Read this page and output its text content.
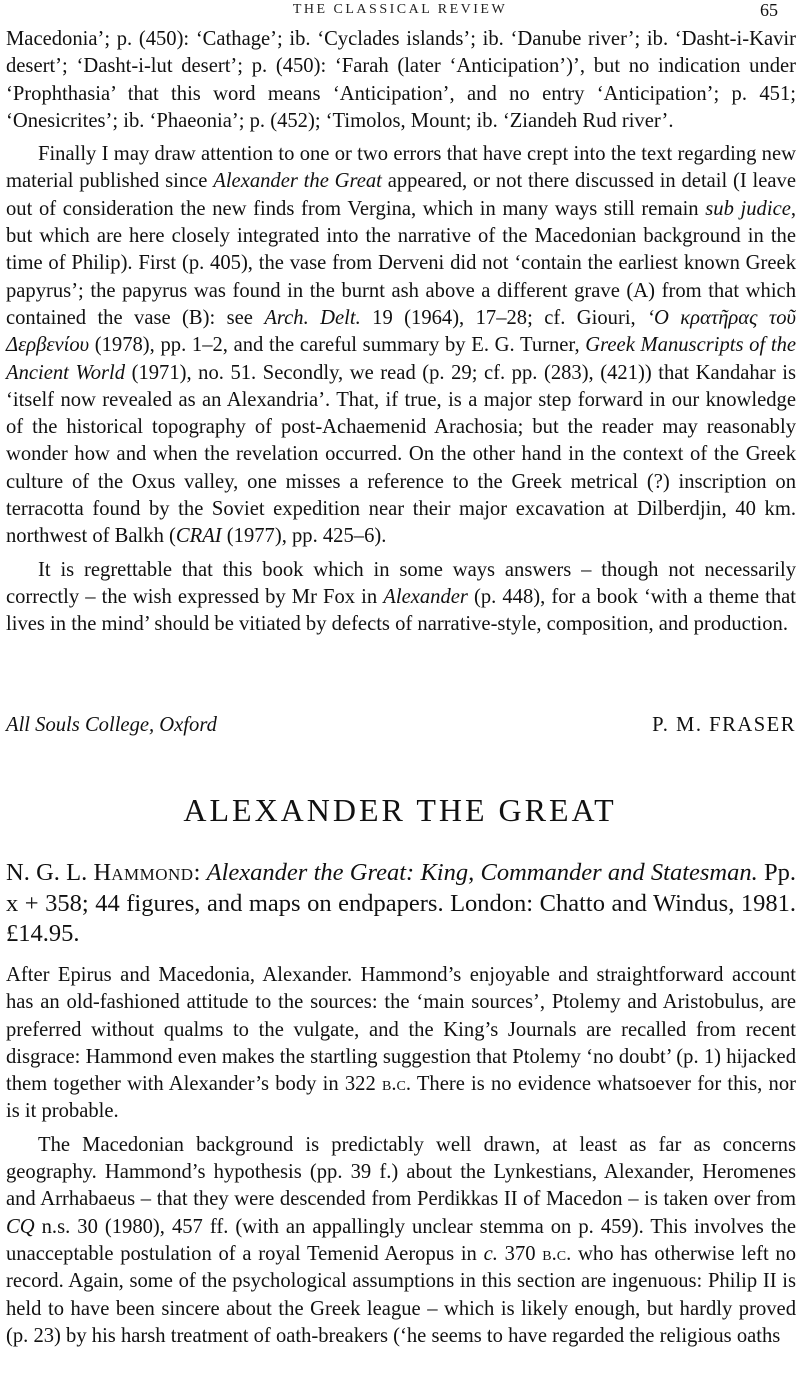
THE CLASSICAL REVIEW	65

Macedonia’; p. (450): ‘Cathage’; ib. ‘Cyclades islands’; ib. ‘Danube river’; ib. ‘Dasht-i-Kavir desert’; ‘Dasht-i-lut desert’; p. (450): ‘Farah (later ‘Anticipation’)’, but no indication under ‘Prophthasia’ that this word means ‘Anticipation’, and no entry ‘Anticipation’; p. 451; ‘Onesicrites’; ib. ‘Phaeonia’; p. (452); ‘Timolos, Mount; ib. ‘Ziandeh Rud river’.

Finally I may draw attention to one or two errors that have crept into the text regarding new material published since Alexander the Great appeared, or not there discussed in detail (I leave out of consideration the new finds from Vergina, which in many ways still remain sub judice, but which are here closely integrated into the narrative of the Macedonian background in the time of Philip). First (p. 405), the vase from Derveni did not ‘contain the earliest known Greek papyrus’; the papyrus was found in the burnt ash above a different grave (A) from that which contained the vase (B): see Arch. Delt. 19 (1964), 17–28; cf. Giouri, ‘Ο κρατῆρας τοῦ Δερβενίου (1978), pp. 1–2, and the careful summary by E. G. Turner, Greek Manuscripts of the Ancient World (1971), no. 51. Secondly, we read (p. 29; cf. pp. (283), (421)) that Kandahar is ‘itself now revealed as an Alexandria’. That, if true, is a major step forward in our knowledge of the historical topography of post-Achaemenid Arachosia; but the reader may reasonably wonder how and when the revelation occurred. On the other hand in the context of the Greek culture of the Oxus valley, one misses a reference to the Greek metrical (?) inscription on terracotta found by the Soviet expedition near their major excavation at Dilberdjin, 40 km. northwest of Balkh (CRAI (1977), pp. 425–6).

It is regrettable that this book which in some ways answers – though not necessarily correctly – the wish expressed by Mr Fox in Alexander (p. 448), for a book ‘with a theme that lives in the mind’ should be vitiated by defects of narrative-style, composition, and production.

All Souls College, Oxford	P. M. FRASER
ALEXANDER THE GREAT
N. G. L. Hammond: Alexander the Great: King, Commander and Statesman. Pp. x + 358; 44 figures, and maps on endpapers. London: Chatto and Windus, 1981. £14.95.

After Epirus and Macedonia, Alexander. Hammond’s enjoyable and straightforward account has an old-fashioned attitude to the sources: the ‘main sources’, Ptolemy and Aristobulus, are preferred without qualms to the vulgate, and the King’s Journals are recalled from recent disgrace: Hammond even makes the startling suggestion that Ptolemy ‘no doubt’ (p. 1) hijacked them together with Alexander’s body in 322 b.c. There is no evidence whatsoever for this, nor is it probable.

The Macedonian background is predictably well drawn, at least as far as concerns geography. Hammond’s hypothesis (pp. 39 f.) about the Lynkestians, Alexander, Heromenes and Arrhabaeus – that they were descended from Perdikkas II of Macedon – is taken over from CQ n.s. 30 (1980), 457 ff. (with an appallingly unclear stemma on p. 459). This involves the unacceptable postulation of a royal Temenid Aeropus in c. 370 b.c. who has otherwise left no record. Again, some of the psychological assumptions in this section are ingenuous: Philip II is held to have been sincere about the Greek league – which is likely enough, but hardly proved (p. 23) by his harsh treatment of oath-breakers (‘he seems to have regarded the religious oaths
